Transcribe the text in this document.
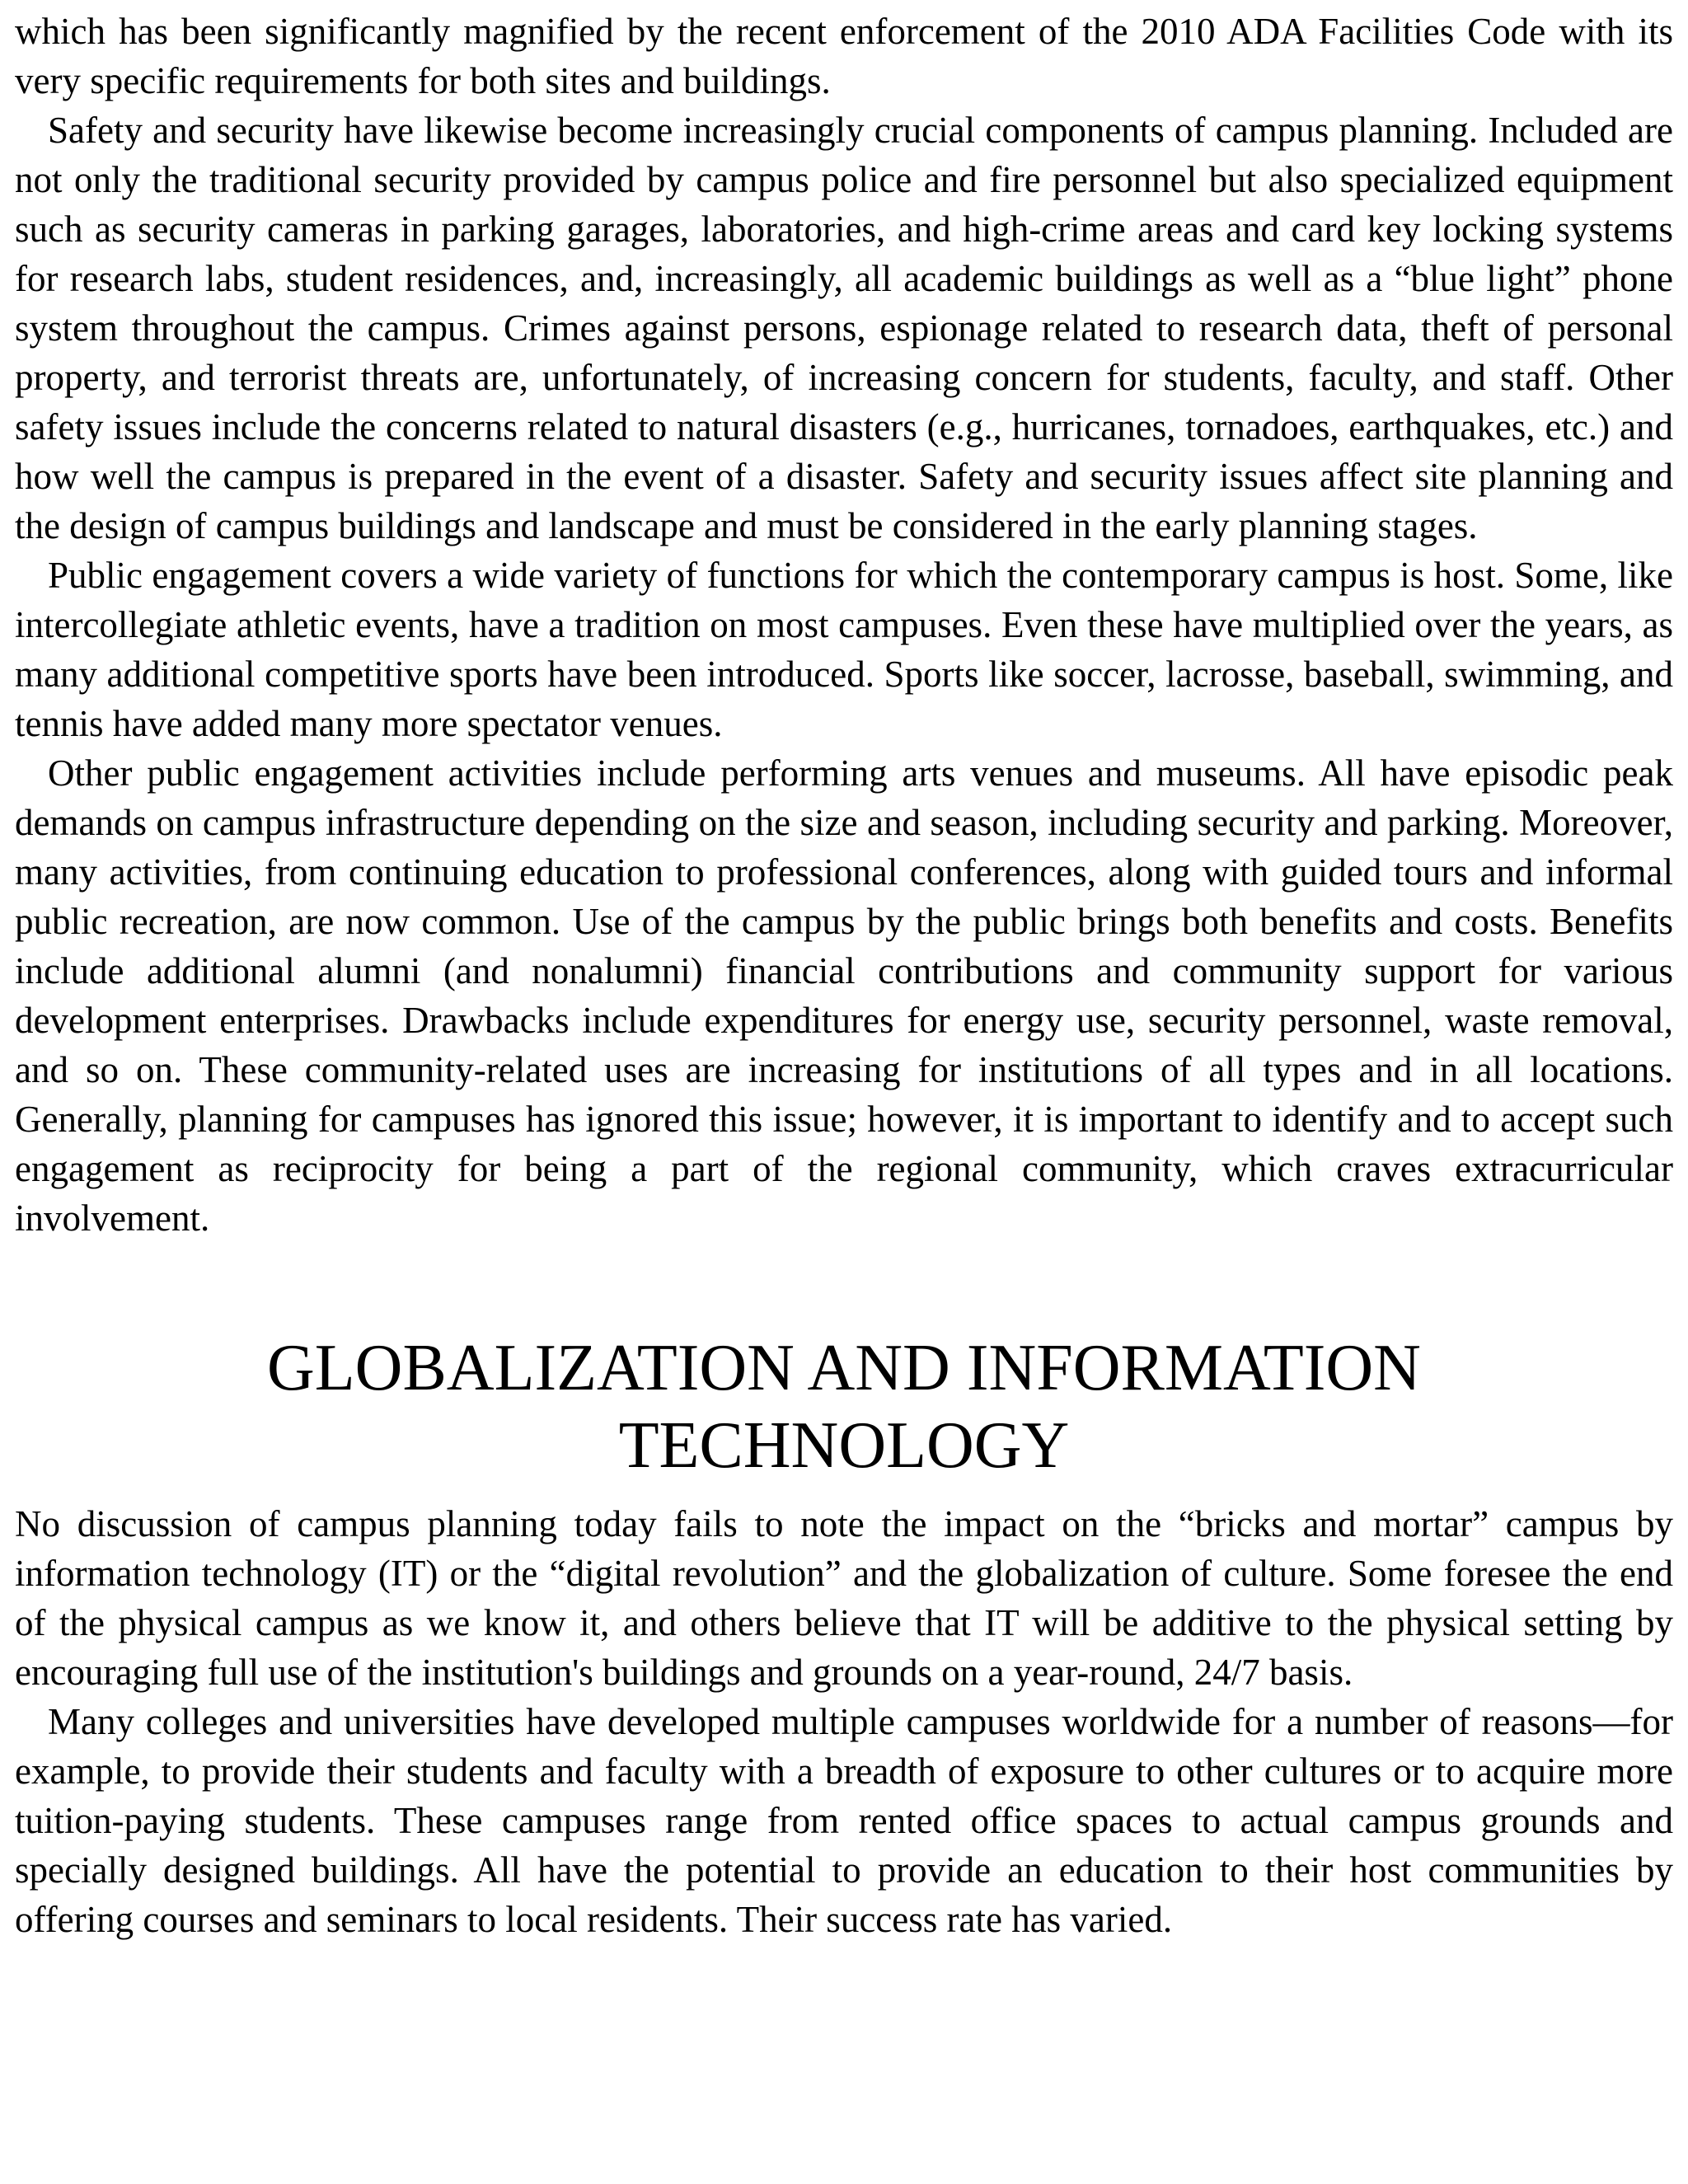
which has been significantly magnified by the recent enforcement of the 2010 ADA Facilities Code with its very specific requirements for both sites and buildings.

Safety and security have likewise become increasingly crucial components of campus planning. Included are not only the traditional security provided by campus police and fire personnel but also specialized equipment such as security cameras in parking garages, laboratories, and high-crime areas and card key locking systems for research labs, student residences, and, increasingly, all academic buildings as well as a “blue light” phone system throughout the campus. Crimes against persons, espionage related to research data, theft of personal property, and terrorist threats are, unfortunately, of increasing concern for students, faculty, and staff. Other safety issues include the concerns related to natural disasters (e.g., hurricanes, tornadoes, earthquakes, etc.) and how well the campus is prepared in the event of a disaster. Safety and security issues affect site planning and the design of campus buildings and landscape and must be considered in the early planning stages.

Public engagement covers a wide variety of functions for which the contemporary campus is host. Some, like intercollegiate athletic events, have a tradition on most campuses. Even these have multiplied over the years, as many additional competitive sports have been introduced. Sports like soccer, lacrosse, baseball, swimming, and tennis have added many more spectator venues.

Other public engagement activities include performing arts venues and museums. All have episodic peak demands on campus infrastructure depending on the size and season, including security and parking. Moreover, many activities, from continuing education to professional conferences, along with guided tours and informal public recreation, are now common. Use of the campus by the public brings both benefits and costs. Benefits include additional alumni (and nonalumni) financial contributions and community support for various development enterprises. Drawbacks include expenditures for energy use, security personnel, waste removal, and so on. These community-related uses are increasing for institutions of all types and in all locations. Generally, planning for campuses has ignored this issue; however, it is important to identify and to accept such engagement as reciprocity for being a part of the regional community, which craves extracurricular involvement.

GLOBALIZATION AND INFORMATION
TECHNOLOGY

No discussion of campus planning today fails to note the impact on the “bricks and mortar” campus by information technology (IT) or the “digital revolution” and the globalization of culture. Some foresee the end of the physical campus as we know it, and others believe that IT will be additive to the physical setting by encouraging full use of the institution's buildings and grounds on a year-round, 24/7 basis.

Many colleges and universities have developed multiple campuses worldwide for a number of reasons—for example, to provide their students and faculty with a breadth of exposure to other cultures or to acquire more tuition-paying students. These campuses range from rented office spaces to actual campus grounds and specially designed buildings. All have the potential to provide an education to their host communities by offering courses and seminars to local residents. Their success rate has varied.
